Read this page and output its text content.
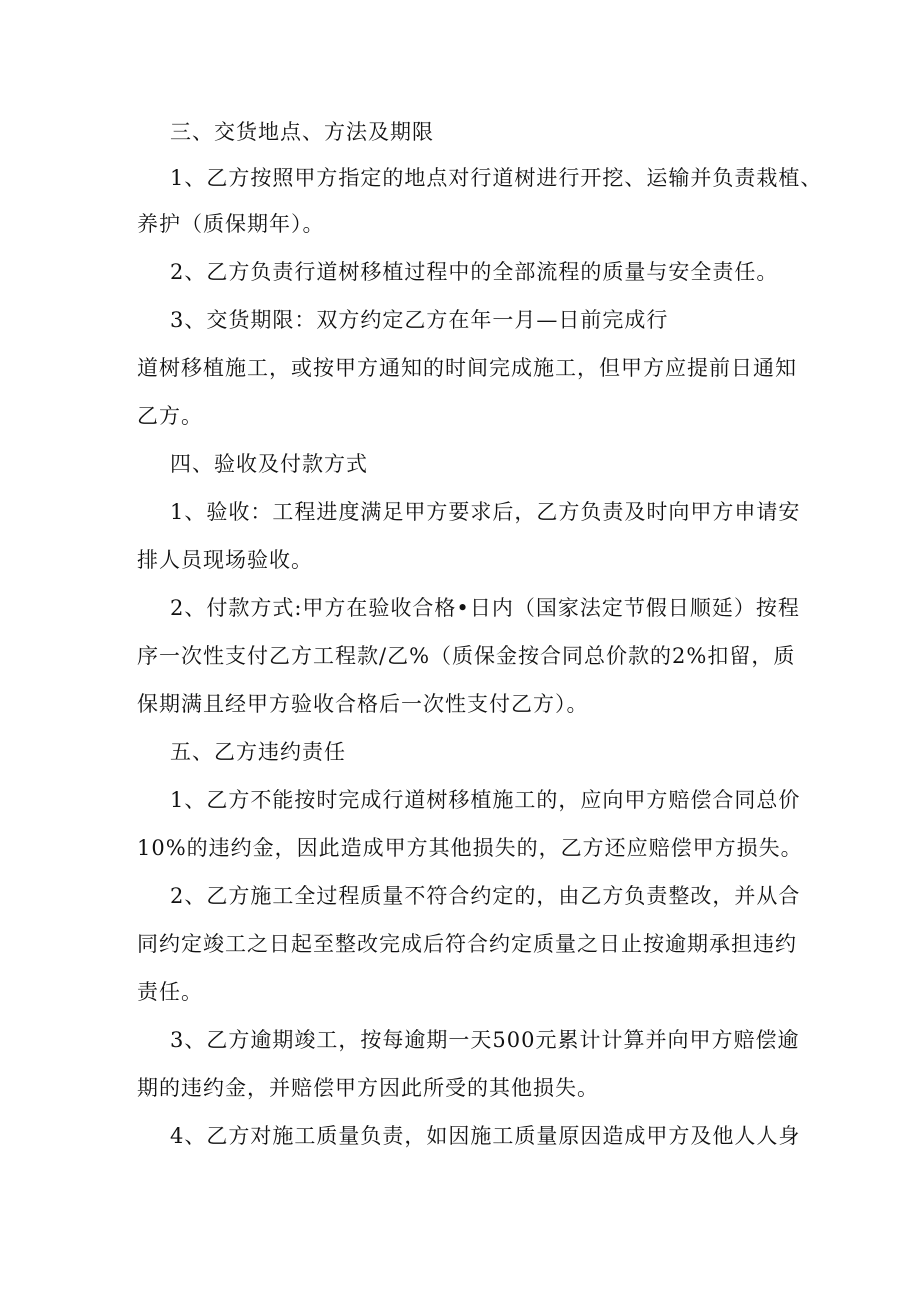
三、交货地点、方法及期限
1、乙方按照甲方指定的地点对行道树进行开挖、运输并负责栽植、
养护（质保期年）。
2、乙方负责行道树移植过程中的全部流程的质量与安全责任。
3、交货期限：双方约定乙方在年一月—日前完成行
道树移植施工，或按甲方通知的时间完成施工，但甲方应提前日通知
乙方。
四、验收及付款方式
1、验收：工程进度满足甲方要求后，乙方负责及时向甲方申请安
排人员现场验收。
2、付款方式:甲方在验收合格•日内（国家法定节假日顺延）按程
序一次性支付乙方工程款/乙%（质保金按合同总价款的2%扣留，质
保期满且经甲方验收合格后一次性支付乙方）。
五、乙方违约责任
1、乙方不能按时完成行道树移植施工的，应向甲方赔偿合同总价
10%的违约金，因此造成甲方其他损失的，乙方还应赔偿甲方损失。
2、乙方施工全过程质量不符合约定的，由乙方负责整改，并从合
同约定竣工之日起至整改完成后符合约定质量之日止按逾期承担违约
责任。
3、乙方逾期竣工，按每逾期一天500元累计计算并向甲方赔偿逾
期的违约金，并赔偿甲方因此所受的其他损失。
4、乙方对施工质量负责，如因施工质量原因造成甲方及他人人身
